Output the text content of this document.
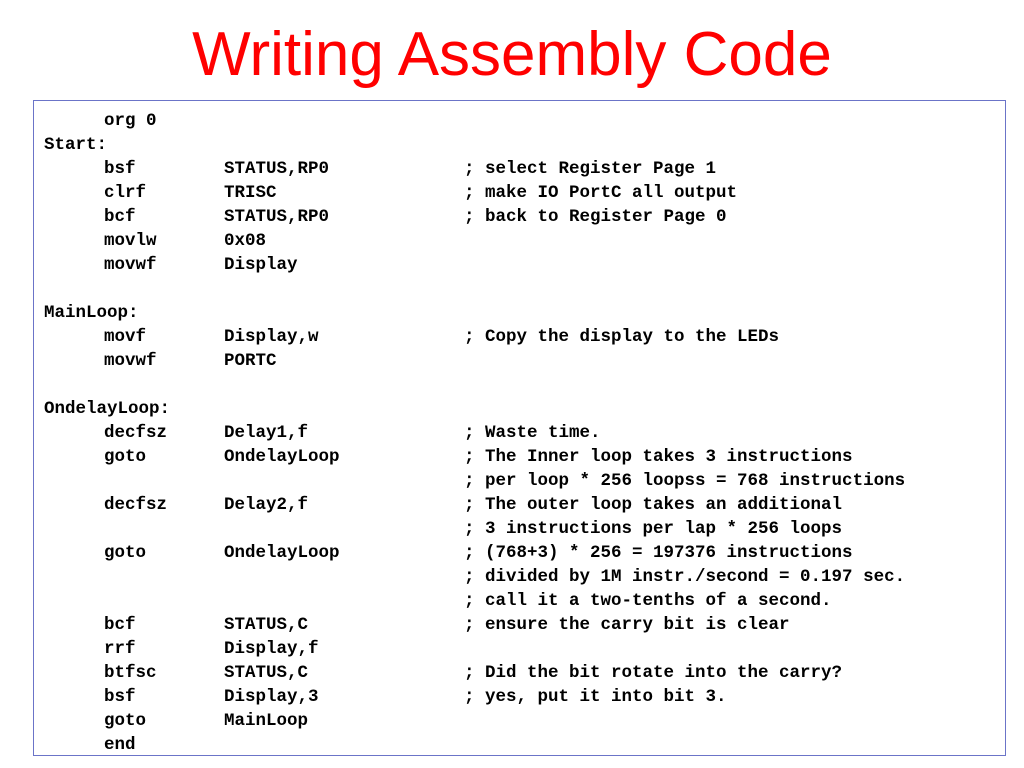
Writing Assembly Code
org 0
Start:
bsf	STATUS,RP0	; select Register Page 1
clrf	TRISC	; make IO PortC all output
bcf	STATUS,RP0	; back to Register Page 0
movlw	0x08
movwf	Display
MainLoop:
movf	Display,w	; Copy the display to the LEDs
movwf	PORTC
OndelayLoop:
decfsz	Delay1,f	; Waste time.
goto	OndelayLoop	; The Inner loop takes 3 instructions
; per loop * 256 loopss = 768 instructions
decfsz	Delay2,f	; The outer loop takes an additional
; 3 instructions per lap * 256 loops
goto	OndelayLoop	; (768+3) * 256 = 197376 instructions
; divided by 1M instr./second = 0.197 sec.
; call it a two-tenths of a second.
bcf	STATUS,C	; ensure the carry bit is clear
rrf	Display,f
btfsc	STATUS,C	; Did the bit rotate into the carry?
bsf	Display,3	; yes, put it into bit 3.
goto	MainLoop
end
